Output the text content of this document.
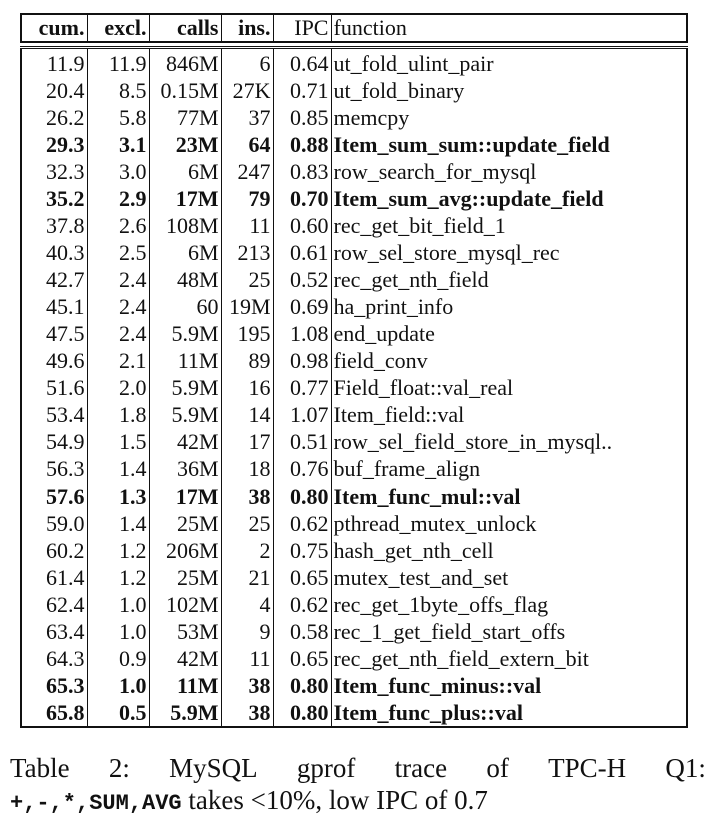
cum.	excl.	calls	ins.	IPC	function
11.9	11.9	846M	6	0.64	ut_fold_ulint_pair
20.4	8.5	0.15M	27K	0.71	ut_fold_binary
26.2	5.8	77M	37	0.85	memcpy
29.3	3.1	23M	64	0.88	Item_sum_sum::update_field
32.3	3.0	6M	247	0.83	row_search_for_mysql
35.2	2.9	17M	79	0.70	Item_sum_avg::update_field
37.8	2.6	108M	11	0.60	rec_get_bit_field_1
40.3	2.5	6M	213	0.61	row_sel_store_mysql_rec
42.7	2.4	48M	25	0.52	rec_get_nth_field
45.1	2.4	60	19M	0.69	ha_print_info
47.5	2.4	5.9M	195	1.08	end_update
49.6	2.1	11M	89	0.98	field_conv
51.6	2.0	5.9M	16	0.77	Field_float::val_real
53.4	1.8	5.9M	14	1.07	Item_field::val
54.9	1.5	42M	17	0.51	row_sel_field_store_in_mysql..
56.3	1.4	36M	18	0.76	buf_frame_align
57.6	1.3	17M	38	0.80	Item_func_mul::val
59.0	1.4	25M	25	0.62	pthread_mutex_unlock
60.2	1.2	206M	2	0.75	hash_get_nth_cell
61.4	1.2	25M	21	0.65	mutex_test_and_set
62.4	1.0	102M	4	0.62	rec_get_1byte_offs_flag
63.4	1.0	53M	9	0.58	rec_1_get_field_start_offs
64.3	0.9	42M	11	0.65	rec_get_nth_field_extern_bit
65.3	1.0	11M	38	0.80	Item_func_minus::val
65.8	0.5	5.9M	38	0.80	Item_func_plus::val
Table 2: MySQL gprof trace of TPC-H Q1:
+,-,*,SUM,AVG takes <10%, low IPC of 0.7
